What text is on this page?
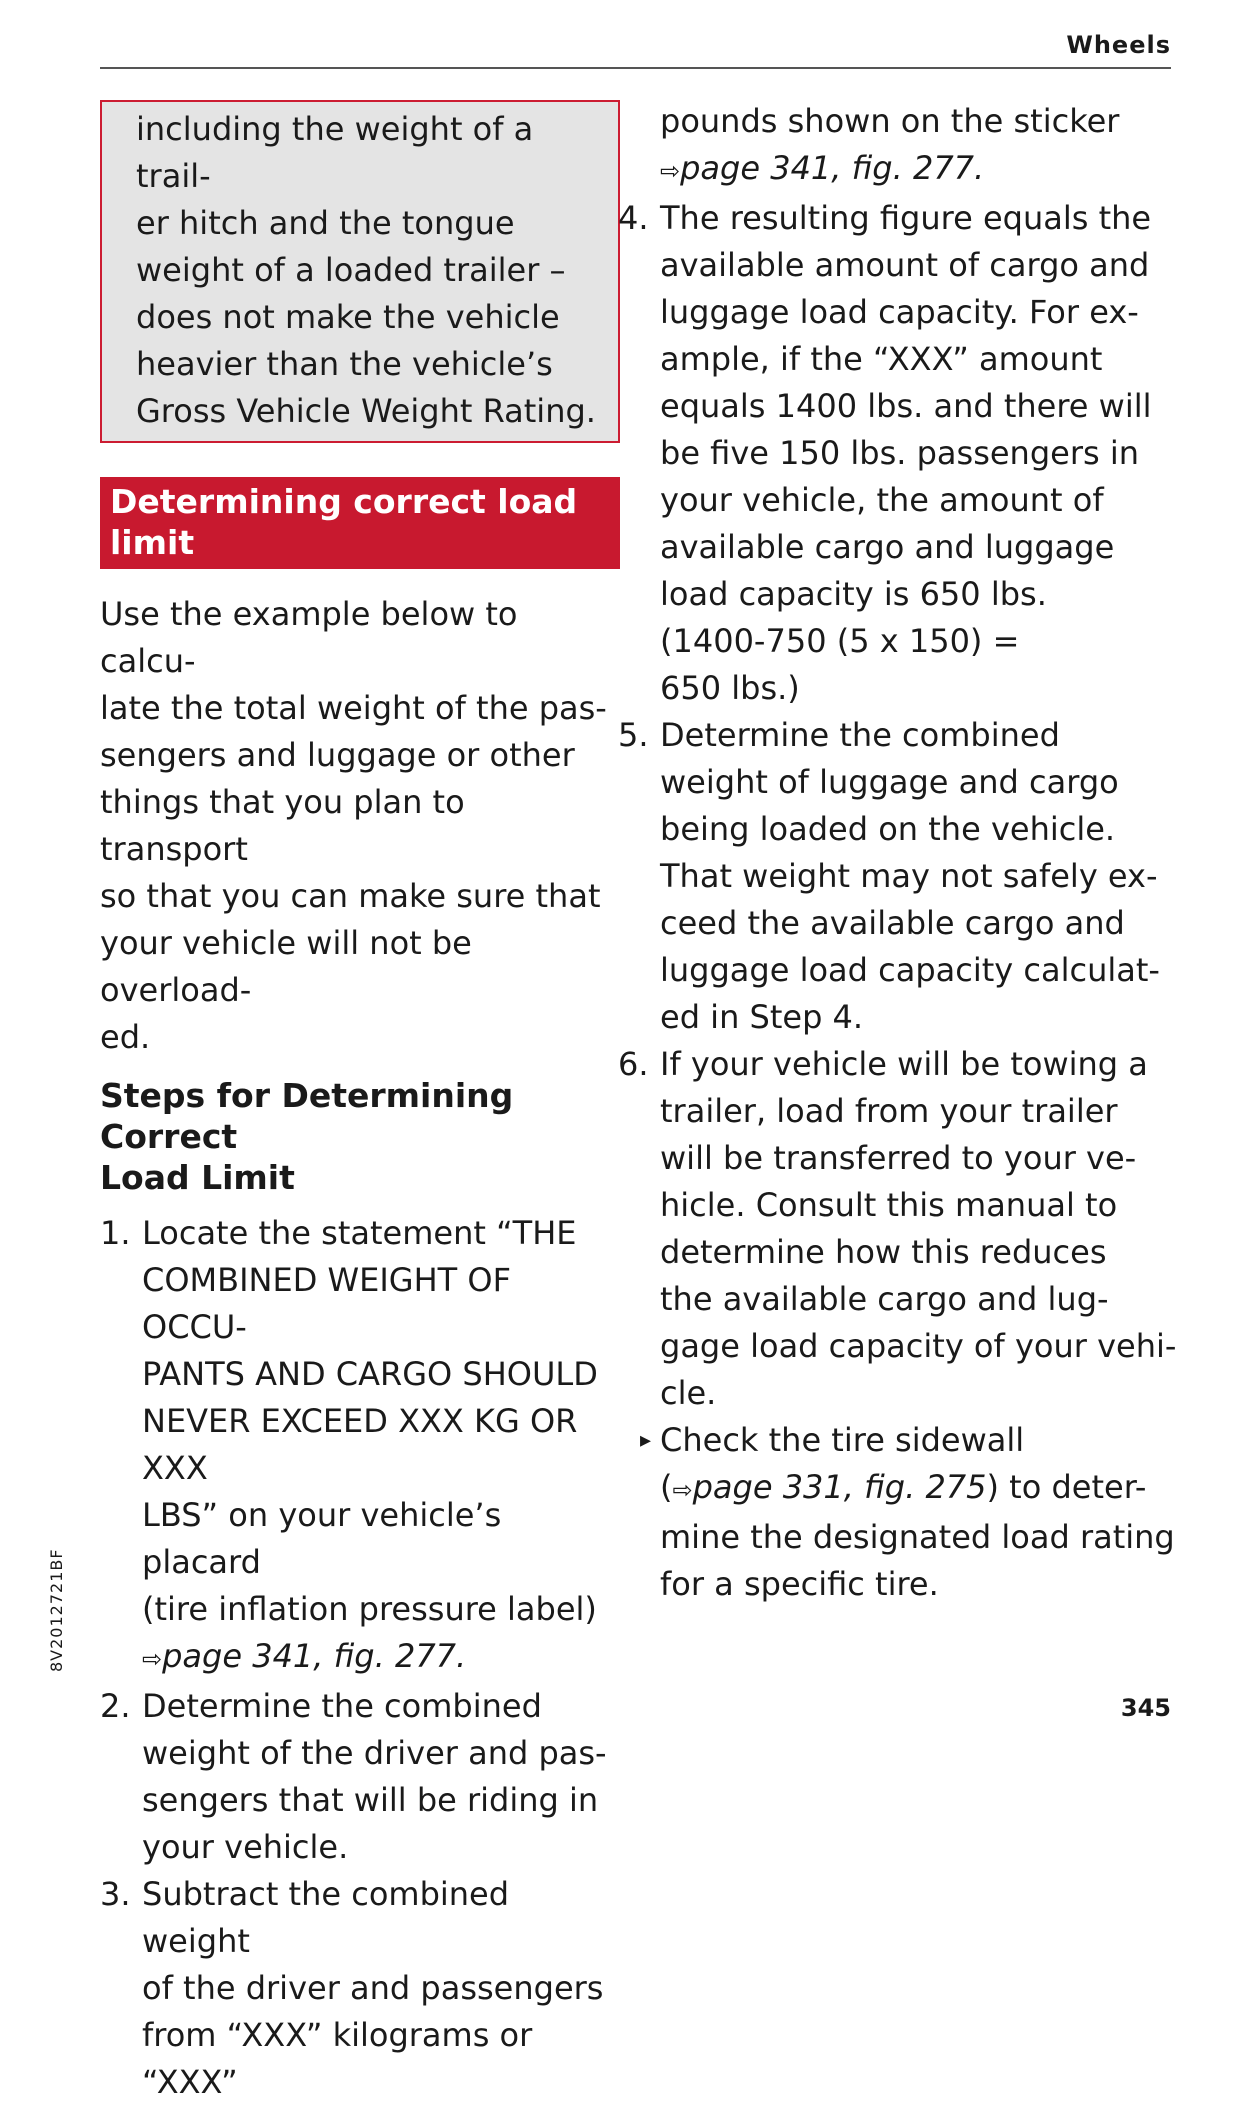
Wheels
including the weight of a trail-
er hitch and the tongue
weight of a loaded trailer –
does not make the vehicle
heavier than the vehicle’s
Gross Vehicle Weight Rating.
Determining correct load
limit
Use the example below to calcu-
late the total weight of the pas-
sengers and luggage or other
things that you plan to transport
so that you can make sure that
your vehicle will not be overload-
ed.
Steps for Determining Correct
Load Limit
1. Locate the statement “THE
COMBINED WEIGHT OF OCCU-
PANTS AND CARGO SHOULD
NEVER EXCEED XXX KG OR XXX
LBS” on your vehicle’s placard
(tire inflation pressure label)
⇨page 341, fig. 277.
2. Determine the combined
weight of the driver and pas-
sengers that will be riding in
your vehicle.
3. Subtract the combined weight
of the driver and passengers
from “XXX” kilograms or “XXX”
pounds shown on the sticker
⇨page 341, fig. 277.
4. The resulting figure equals the
available amount of cargo and
luggage load capacity. For ex-
ample, if the “XXX” amount
equals 1400 lbs. and there will
be five 150 lbs. passengers in
your vehicle, the amount of
available cargo and luggage
load capacity is 650 lbs.
(1400-750 (5 x 150) =
650 lbs.)
5. Determine the combined
weight of luggage and cargo
being loaded on the vehicle.
That weight may not safely ex-
ceed the available cargo and
luggage load capacity calculat-
ed in Step 4.
6. If your vehicle will be towing a
trailer, load from your trailer
will be transferred to your ve-
hicle. Consult this manual to
determine how this reduces
the available cargo and lug-
gage load capacity of your vehi-
cle.
▸ Check the tire sidewall
(⇨page 331, fig. 275) to deter-
mine the designated load rating
for a specific tire.
8V2012721BF
345
